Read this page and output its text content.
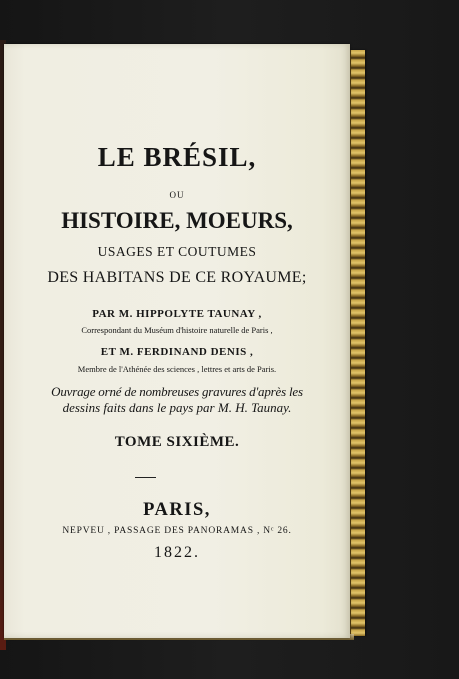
LE BRÉSIL,
OU
HISTOIRE, MOEURS,
USAGES ET COUTUMES
DES HABITANS DE CE ROYAUME;
PAR M. HIPPOLYTE TAUNAY ,
Correspondant du Muséum d'histoire naturelle de Paris ,
ET M. FERDINAND DENIS ,
Membre de l'Athénée des sciences , lettres et arts de Paris.
Ouvrage orné de nombreuses gravures d'après les
dessins faits dans le pays par M. H. Taunay.
TOME SIXIÈME.
PARIS,
NEPVEU , PASSAGE DES PANORAMAS , Nᶜ 26.
1822.
